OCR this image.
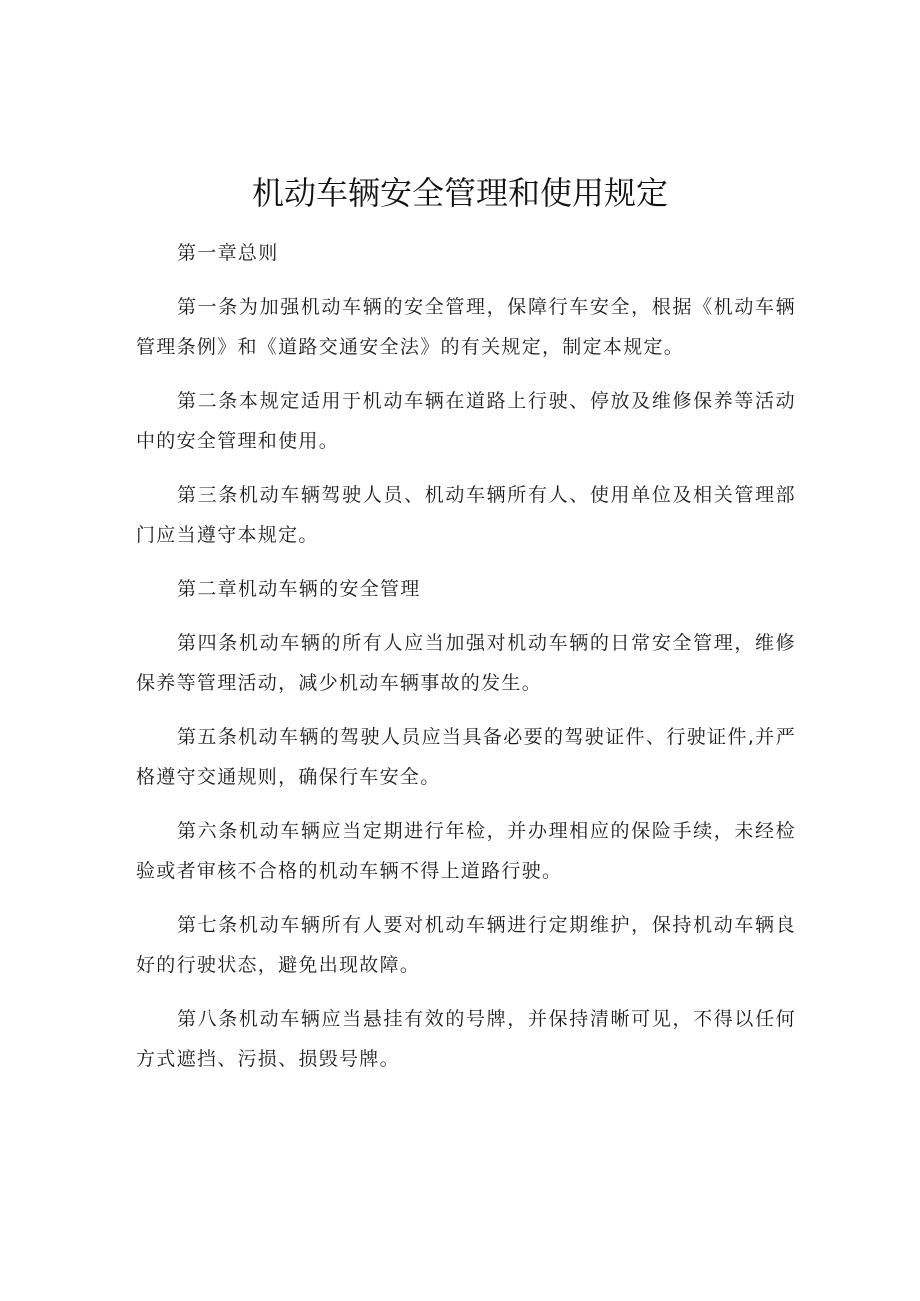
机动车辆安全管理和使用规定

第一章总则

第一条为加强机动车辆的安全管理，保障行车安全，根据《机动车辆管理条例》和《道路交通安全法》的有关规定，制定本规定。

第二条本规定适用于机动车辆在道路上行驶、停放及维修保养等活动中的安全管理和使用。

第三条机动车辆驾驶人员、机动车辆所有人、使用单位及相关管理部门应当遵守本规定。

第二章机动车辆的安全管理

第四条机动车辆的所有人应当加强对机动车辆的日常安全管理，维修保养等管理活动，减少机动车辆事故的发生。

第五条机动车辆的驾驶人员应当具备必要的驾驶证件、行驶证件,并严格遵守交通规则，确保行车安全。

第六条机动车辆应当定期进行年检，并办理相应的保险手续，未经检验或者审核不合格的机动车辆不得上道路行驶。

第七条机动车辆所有人要对机动车辆进行定期维护，保持机动车辆良好的行驶状态，避免出现故障。

第八条机动车辆应当悬挂有效的号牌，并保持清晰可见，不得以任何方式遮挡、污损、损毁号牌。
